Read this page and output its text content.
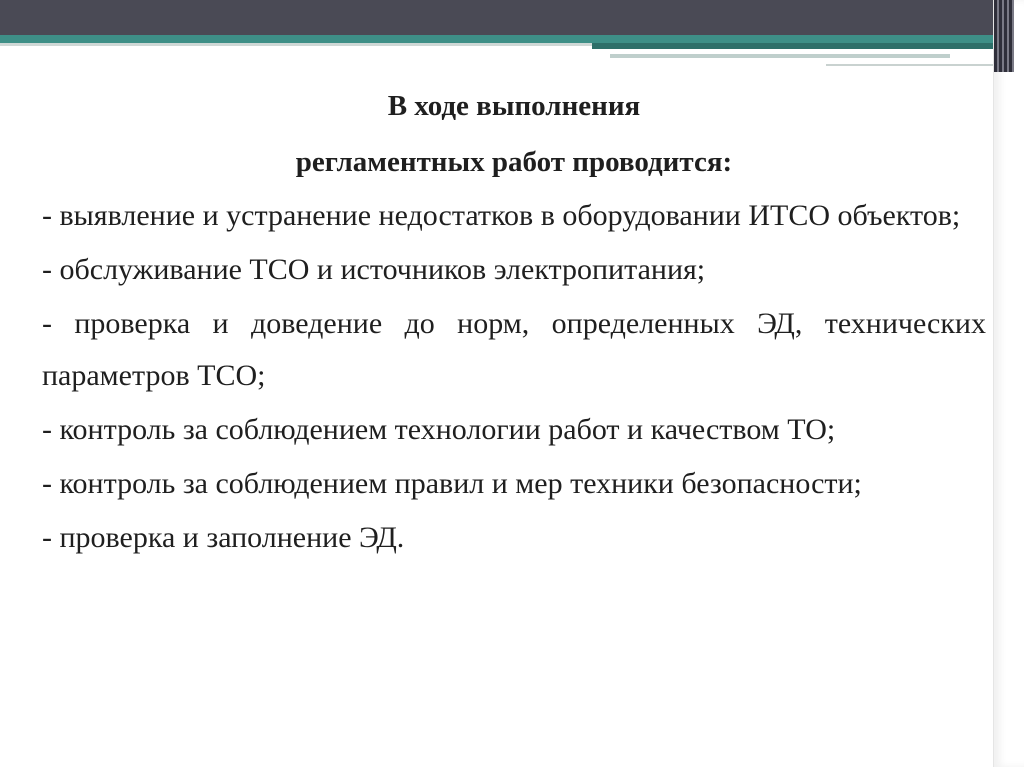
В ходе выполнения
регламентных работ проводится:

- выявление и устранение недостатков в оборудовании ИТСО объектов;

- обслуживание ТСО и источников электропитания;

- проверка и доведение до норм, определенных ЭД, технических параметров ТСО;

- контроль за соблюдением технологии работ и качеством ТО;

- контроль за соблюдением правил и мер техники безопасности;

- проверка и заполнение ЭД.
